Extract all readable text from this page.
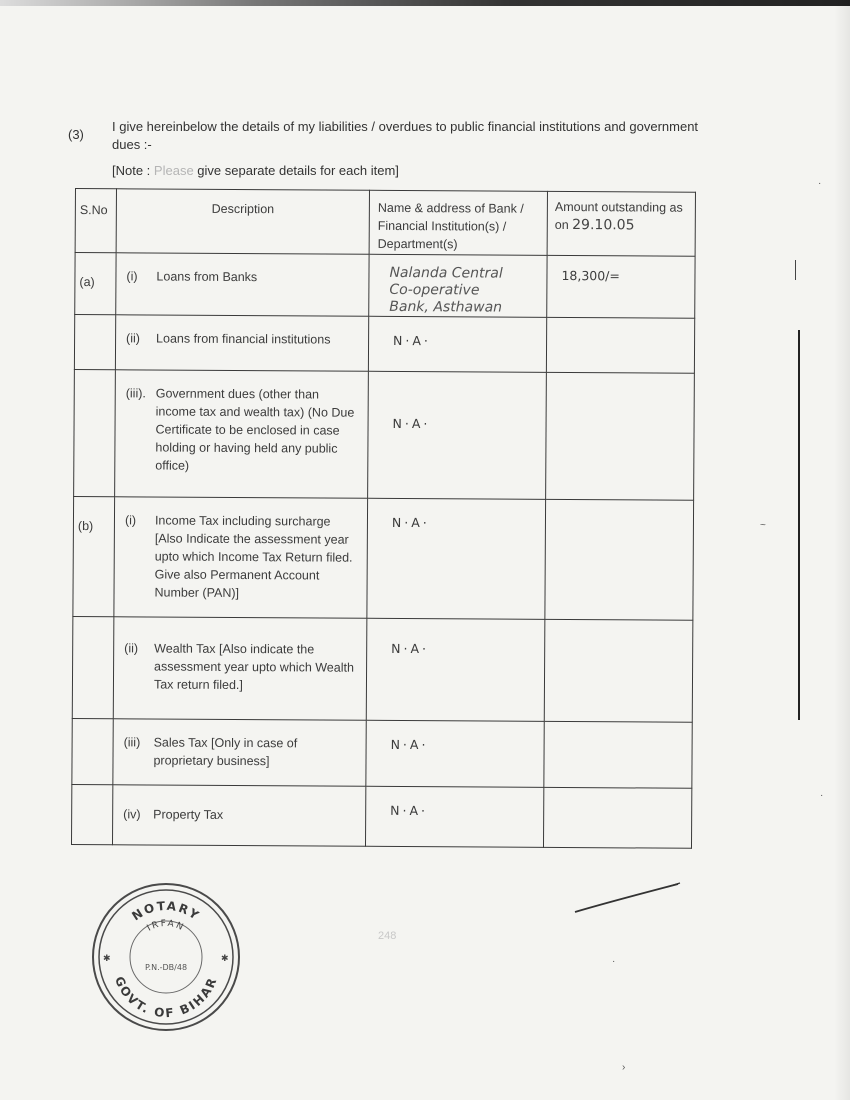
·
~
·
·
›
(3)
I give hereinbelow the details of my liabilities / overdues to public financial institutions and government dues :-
[Note : Please give separate details for each item]
S.No	Description	Name & address of Bank / Financial Institution(s) / Department(s)	Amount outstanding as on 29.10.05
(a)	(i) Loans from Banks	Nalanda Central
Co-operative
Bank, Asthawan	18,300/=

	(ii) Loans from financial institutions	N·A·	

	(iii). Government dues (other than income tax and wealth tax) (No Due Certificate to be enclosed in case holding or having held any public office)	N·A·	
(b)	(i) Income Tax including surcharge [Also Indicate the assessment year upto which Income Tax Return filed. Give also Permanent Account Number (PAN)]	N·A·	

	(ii) Wealth Tax [Also indicate the assessment year upto which Wealth Tax return filed.]	N·A·	

	(iii) Sales Tax [Only in case of proprietary business]	N·A·	

	(iv) Property Tax	N·A·	
248
NOTARY
IRFAN
P.N.-DB/48
GOVT. OF BIHAR
✱	✱
